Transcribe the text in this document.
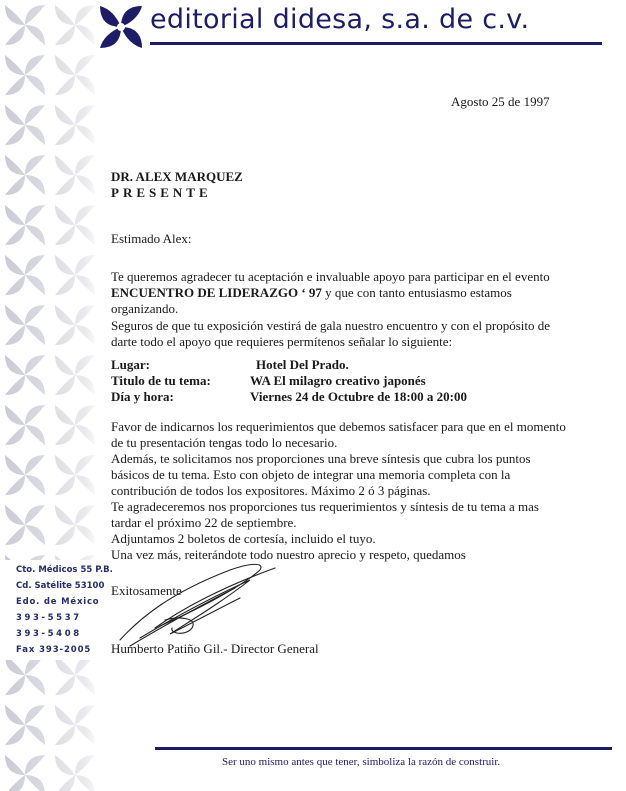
editorial didesa, s.a. de c.v.
Agosto 25 de 1997
DR. ALEX MARQUEZ
PRESENTE
Estimado Alex:
Te queremos agradecer tu aceptación e invaluable apoyo para participar en el evento
ENCUENTRO DE LIDERAZGO ‘ 97 y que con tanto entusiasmo estamos
organizando.
Seguros de que tu exposición vestirá de gala nuestro encuentro y con el propósito de
darte todo el apoyo que requieres permítenos señalar lo siguiente:
Lugar:	Hotel Del Prado.
Titulo de tu tema:	WA El milagro creativo japonés
Día y hora:	Viernes 24 de Octubre de 18:00 a 20:00
Favor de indicarnos los requerimientos que debemos satisfacer para que en el momento
de tu presentación tengas todo lo necesario.
Además, te solicitamos nos proporciones una breve síntesis que cubra los puntos
básicos de tu tema. Esto con objeto de integrar una memoria completa con la
contribución de todos los expositores. Máximo 2 ó 3 páginas.
Te agradeceremos nos proporciones tus requerimientos y síntesis de tu tema a mas
tardar el próximo 22 de septiembre.
Adjuntamos 2 boletos de cortesía, incluido el tuyo.
Una vez más, reiterándote todo nuestro aprecio y respeto, quedamos
Exitosamente
Humberto Patiño Gil.- Director General
Cto. Médicos 55 P.B.
Cd. Satélite 53100
Edo. de México
393-5537
393-5408
Fax 393-2005
Ser uno mismo antes que tener, simboliza la razón de construir.
